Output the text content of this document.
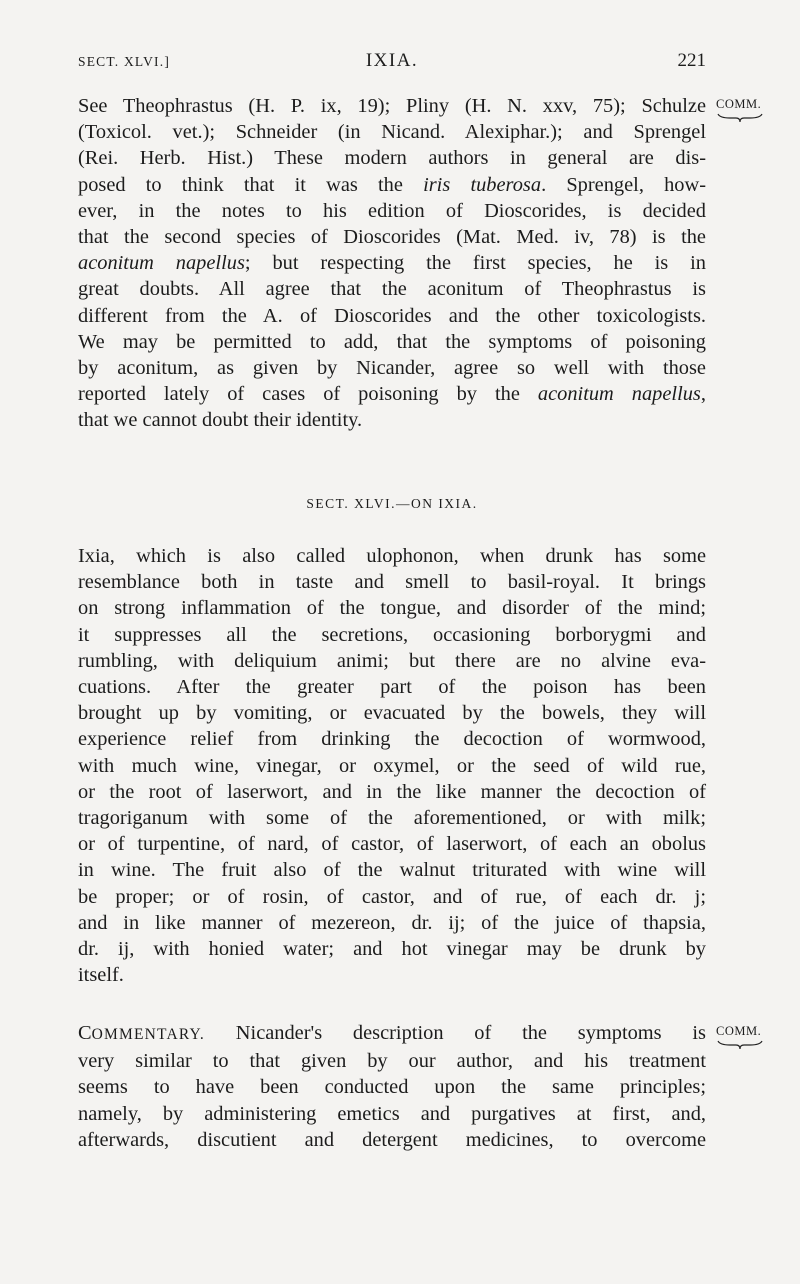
SECT. XLVI.]	IXIA.	221
COMM.
See Theophrastus (H. P. ix, 19); Pliny (H. N. xxv, 75); Schulze
(Toxicol. vet.); Schneider (in Nicand. Alexiphar.); and Sprengel
(Rei. Herb. Hist.) These modern authors in general are dis-
posed to think that it was the iris tuberosa. Sprengel, how-
ever, in the notes to his edition of Dioscorides, is decided
that the second species of Dioscorides (Mat. Med. iv, 78) is the
aconitum napellus; but respecting the first species, he is in
great doubts. All agree that the aconitum of Theophrastus is
different from the A. of Dioscorides and the other toxicologists.
We may be permitted to add, that the symptoms of poisoning
by aconitum, as given by Nicander, agree so well with those
reported lately of cases of poisoning by the aconitum napellus,
that we cannot doubt their identity.
SECT. XLVI.—ON IXIA.
Ixia, which is also called ulophonon, when drunk has some
resemblance both in taste and smell to basil-royal. It brings
on strong inflammation of the tongue, and disorder of the mind;
it suppresses all the secretions, occasioning borborygmi and
rumbling, with deliquium animi; but there are no alvine eva-
cuations. After the greater part of the poison has been
brought up by vomiting, or evacuated by the bowels, they will
experience relief from drinking the decoction of wormwood,
with much wine, vinegar, or oxymel, or the seed of wild rue,
or the root of laserwort, and in the like manner the decoction of
tragoriganum with some of the aforementioned, or with milk;
or of turpentine, of nard, of castor, of laserwort, of each an obolus
in wine. The fruit also of the walnut triturated with wine will
be proper; or of rosin, of castor, and of rue, of each dr. j;
and in like manner of mezereon, dr. ij; of the juice of thapsia,
dr. ij, with honied water; and hot vinegar may be drunk by
itself.
COMM.
COMMENTARY. Nicander's description of the symptoms is
very similar to that given by our author, and his treatment
seems to have been conducted upon the same principles;
namely, by administering emetics and purgatives at first, and,
afterwards, discutient and detergent medicines, to overcome
